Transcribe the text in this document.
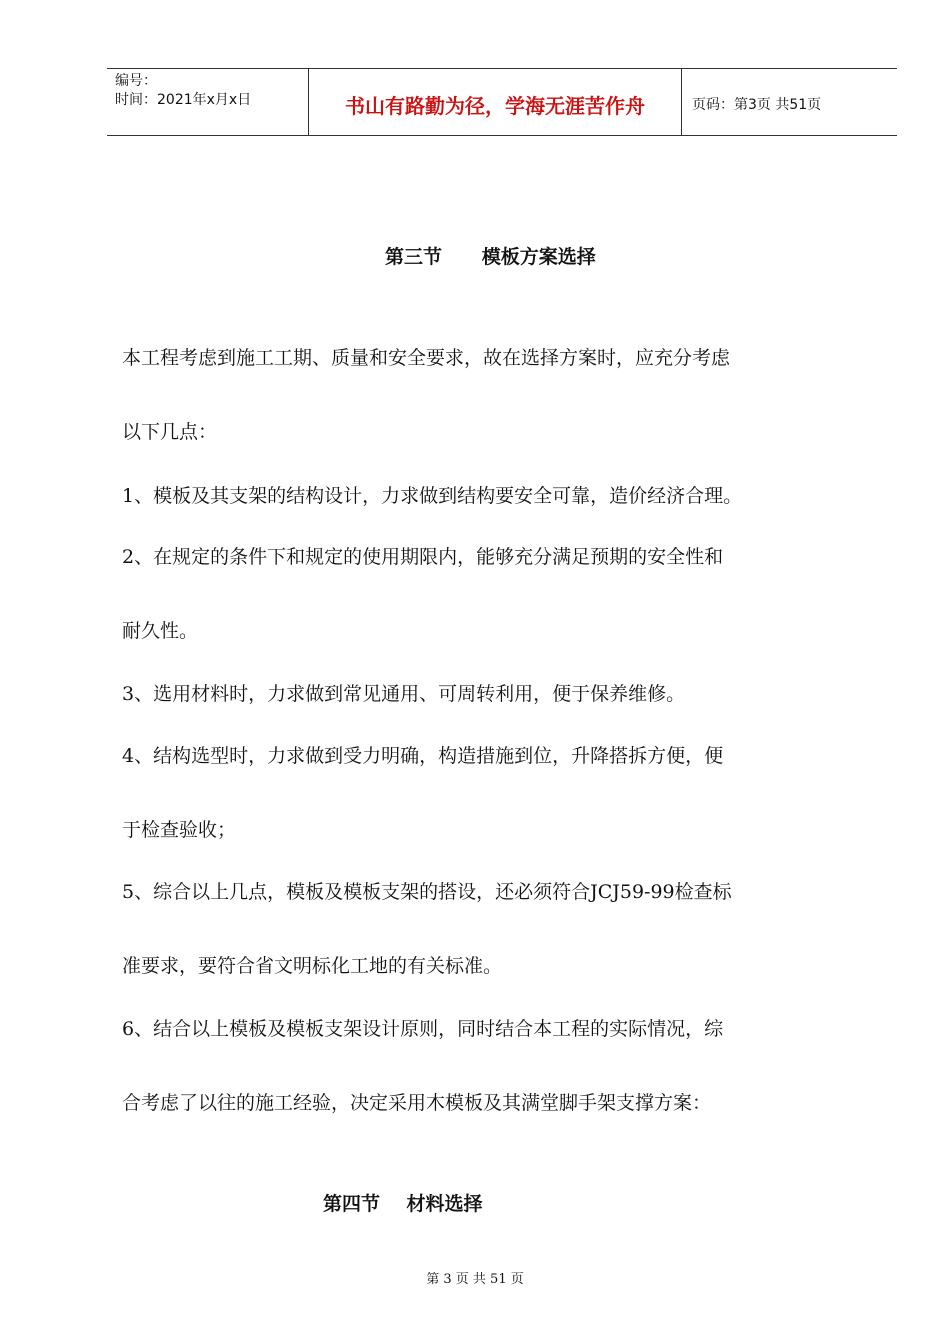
编号：
时间：2021年x月x日	书山有路勤为径，学海无涯苦作舟	页码：第3页 共51页
第三节      模板方案选择
本工程考虑到施工工期、质量和安全要求，故在选择方案时，应充分考虑
以下几点：
1、模板及其支架的结构设计，力求做到结构要安全可靠，造价经济合理。
2、在规定的条件下和规定的使用期限内，能够充分满足预期的安全性和
耐久性。
3、选用材料时，力求做到常见通用、可周转利用，便于保养维修。
4、结构选型时，力求做到受力明确，构造措施到位，升降搭拆方便，便
于检查验收；
5、综合以上几点，模板及模板支架的搭设，还必须符合JCJ59-99检查标
准要求，要符合省文明标化工地的有关标准。
6、结合以上模板及模板支架设计原则，同时结合本工程的实际情况，综
合考虑了以往的施工经验，决定采用木模板及其满堂脚手架支撑方案：
第四节    材料选择
第 3 页 共 51 页
